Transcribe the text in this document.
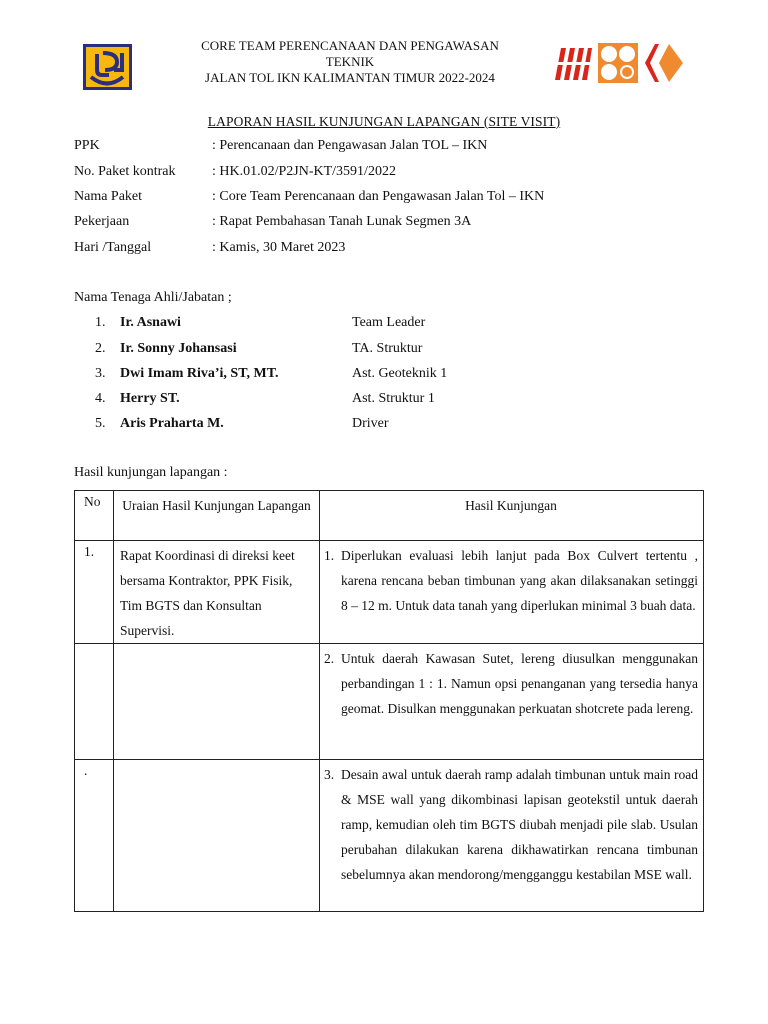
CORE TEAM PERENCANAAN DAN PENGAWASAN
TEKNIK
JALAN TOL IKN KALIMANTAN TIMUR 2022-2024
LAPORAN HASIL KUNJUNGAN LAPANGAN (SITE VISIT)
PPK	: Perencanaan dan Pengawasan Jalan TOL – IKN
No. Paket kontrak	: HK.01.02/P2JN-KT/3591/2022
Nama Paket	: Core Team Perencanaan dan Pengawasan Jalan Tol – IKN
Pekerjaan	: Rapat Pembahasan Tanah Lunak Segmen 3A
Hari /Tanggal	: Kamis, 30 Maret 2023
Nama Tenaga Ahli/Jabatan ;
1. Ir. Asnawi	Team Leader
2. Ir. Sonny Johansasi	TA. Struktur
3. Dwi Imam Riva’i, ST, MT.	Ast. Geoteknik 1
4. Herry ST.	Ast. Struktur 1
5. Aris Praharta M.	Driver
Hasil kunjungan lapangan :
No	Uraian Hasil Kunjungan Lapangan	Hasil Kunjungan
1.	Rapat Koordinasi di direksi keet bersama Kontraktor, PPK Fisik, Tim BGTS dan Konsultan Supervisi.	1. Diperlukan evaluasi lebih lanjut pada Box Culvert tertentu , karena rencana beban timbunan yang akan dilaksanakan setinggi 8 – 12 m. Untuk data tanah yang diperlukan minimal 3 buah data.

		2. Untuk daerah Kawasan Sutet, lereng diusulkan menggunakan perbandingan 1 : 1. Namun opsi penanganan yang tersedia hanya geomat. Disulkan menggunakan perkuatan shotcrete pada lereng.

.		3. Desain awal untuk daerah ramp adalah timbunan untuk main road & MSE wall yang dikombinasi lapisan geotekstil untuk daerah ramp, kemudian oleh tim BGTS diubah menjadi pile slab. Usulan perubahan dilakukan karena dikhawatirkan rencana timbunan sebelumnya akan mendorong/mengganggu kestabilan MSE wall.
